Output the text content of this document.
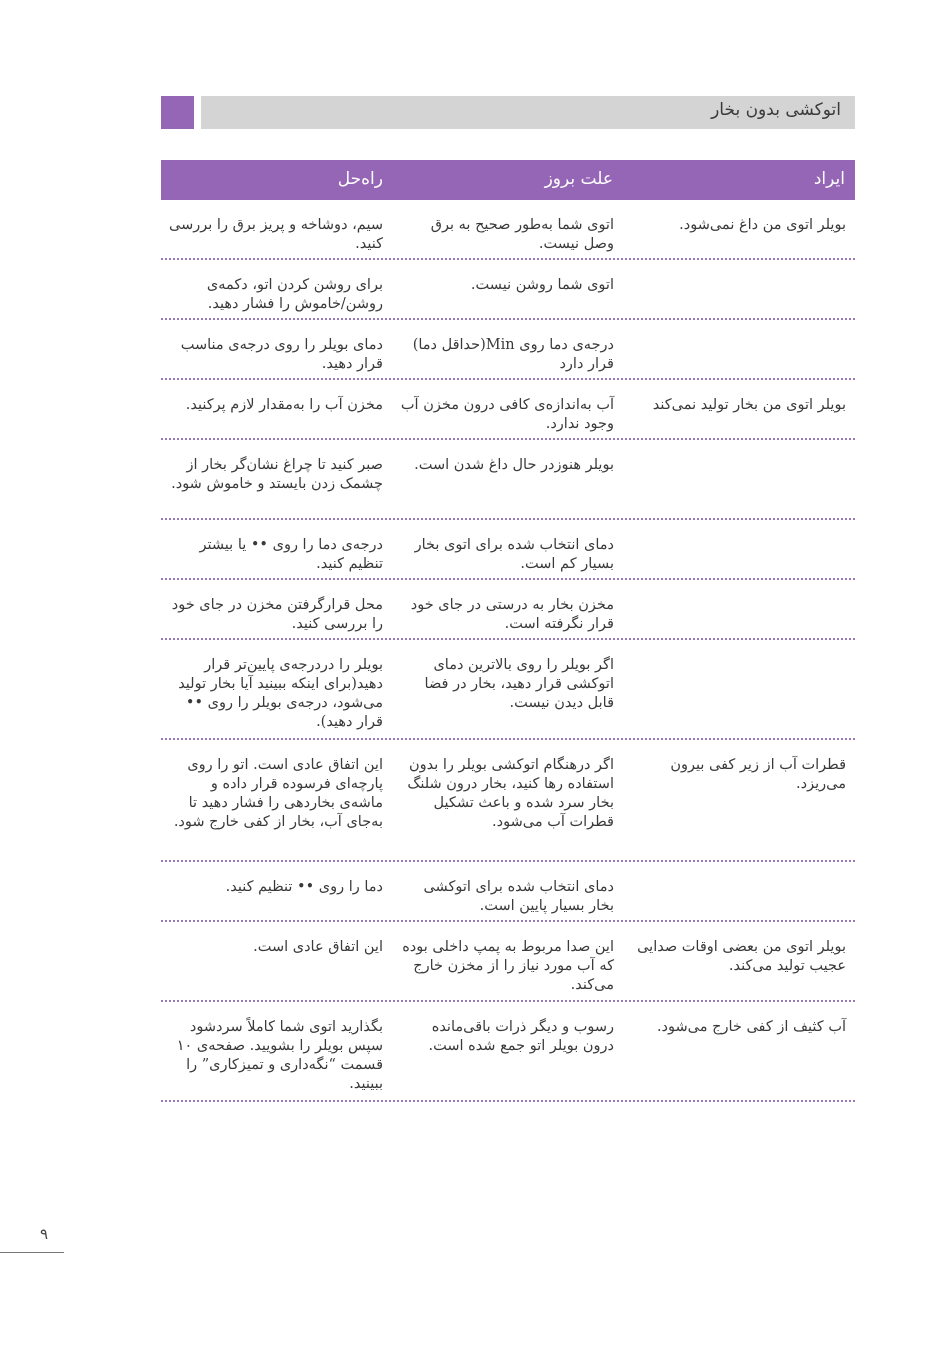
اتوکشی بدون بخار
ایراد
علت بروز
راه‌حل
بویلر اتوی من داغ نمی‌شود.
اتوی شما به‌طور صحیح به برق وصل نیست.
سیم، دوشاخه و پریز برق را بررسی کنید.
اتوی شما روشن نیست.
برای روشن کردن اتو، دکمه‌ی روشن/خاموش را فشار دهید.
درجه‌ی دما روی Min(حداقل دما) قرار دارد
دمای بویلر را روی درجه‌ی مناسب قرار دهید.
بویلر اتوی من بخار تولید نمی‌کند
آب به‌اندازه‌ی کافی درون مخزن آب وجود ندارد.
مخزن آب را به‌مقدار لازم پرکنید.
بویلر هنوزدر حال داغ شدن است.
صبر کنید تا چراغ نشان‌گر بخار از چشمک زدن بایستد و خاموش شود.
دمای انتخاب شده برای اتوی بخار بسیار کم است.
درجه‌ی دما را روی •• یا بیشتر تنظیم کنید.
مخزن بخار به درستی در جای خود قرار نگرفته است.
محل قرارگرفتن مخزن در جای خود را بررسی کنید.
اگر بویلر را روی بالاترین دمای اتوکشی قرار دهید، بخار در فضا قابل دیدن نیست.
بویلر را دردرجه‌ی پایین‌تر قرار دهید(برای اینکه ببینید آیا بخار تولید می‌شود، درجه‌ی بویلر را روی •• قرار دهید).
قطرات آب از زیر کفی بیرون می‌ریزد.
اگر درهنگام اتوکشی بویلر را بدون استفاده رها کنید، بخار درون شلنگ بخار سرد شده و باعث تشکیل قطرات آب می‌شود.
این اتفاق عادی است. اتو را روی پارچه‌ای فرسوده قرار داده و ماشه‌ی بخاردهی را فشار دهید تا به‌جای آب، بخار از کفی خارج شود.
دمای انتخاب شده برای اتوکشی بخار بسیار پایین است.
دما را روی •• تنظیم کنید.
بویلر اتوی من بعضی اوقات صدایی عجیب تولید می‌کند.
این صدا مربوط به پمپ داخلی بوده که آب مورد نیاز را از مخزن خارج می‌کند.
این اتفاق عادی است.
آب کثیف از کفی خارج می‌شود.
رسوب و دیگر ذرات باقی‌مانده درون بویلر اتو جمع شده است.
بگذارید اتوی شما کاملاً سردشود سپس بویلر را بشویید. صفحه‌ی ۱۰ قسمت “نگه‌داری و تمیزکاری” را ببینید.
۹
